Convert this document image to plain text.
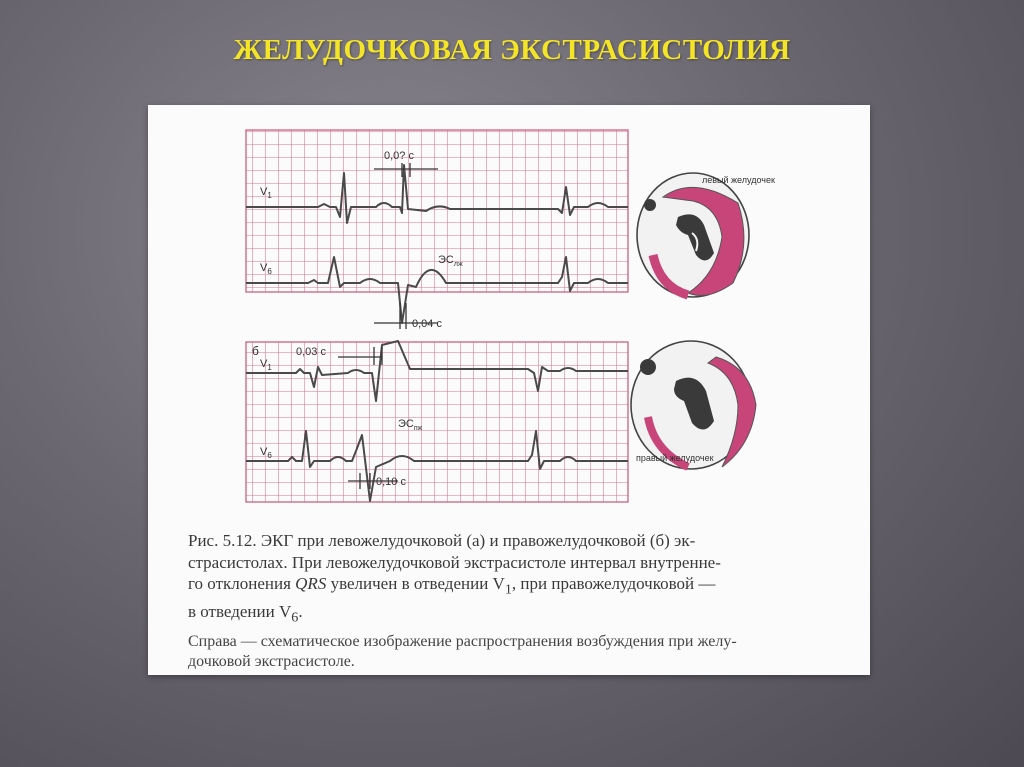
ЖЕЛУДОЧКОВАЯ ЭКСТРАСИСТОЛИЯ
$V_1$
$V_6$
$V_1$
$V_6$
б
0,0? c
0,04 с
0,03 с
0,10 с
$ЭС_{лж}$
$ЭС_{пж}$
левый желудочек
правый желудочек

Рис. 5.12. ЭКГ при левожелудочковой (а) и правожелудочковой (б) эк-

страсистолах. При левожелудочковой экстрасистоле интервал внутренне-

го отклонения QRS увеличен в отведении $V_1$, при правожелудочковой —

в отведении $V_6$.

Справа — схематическое изображение распространения возбуждения при желу-
дочковой экстрасистоле.
